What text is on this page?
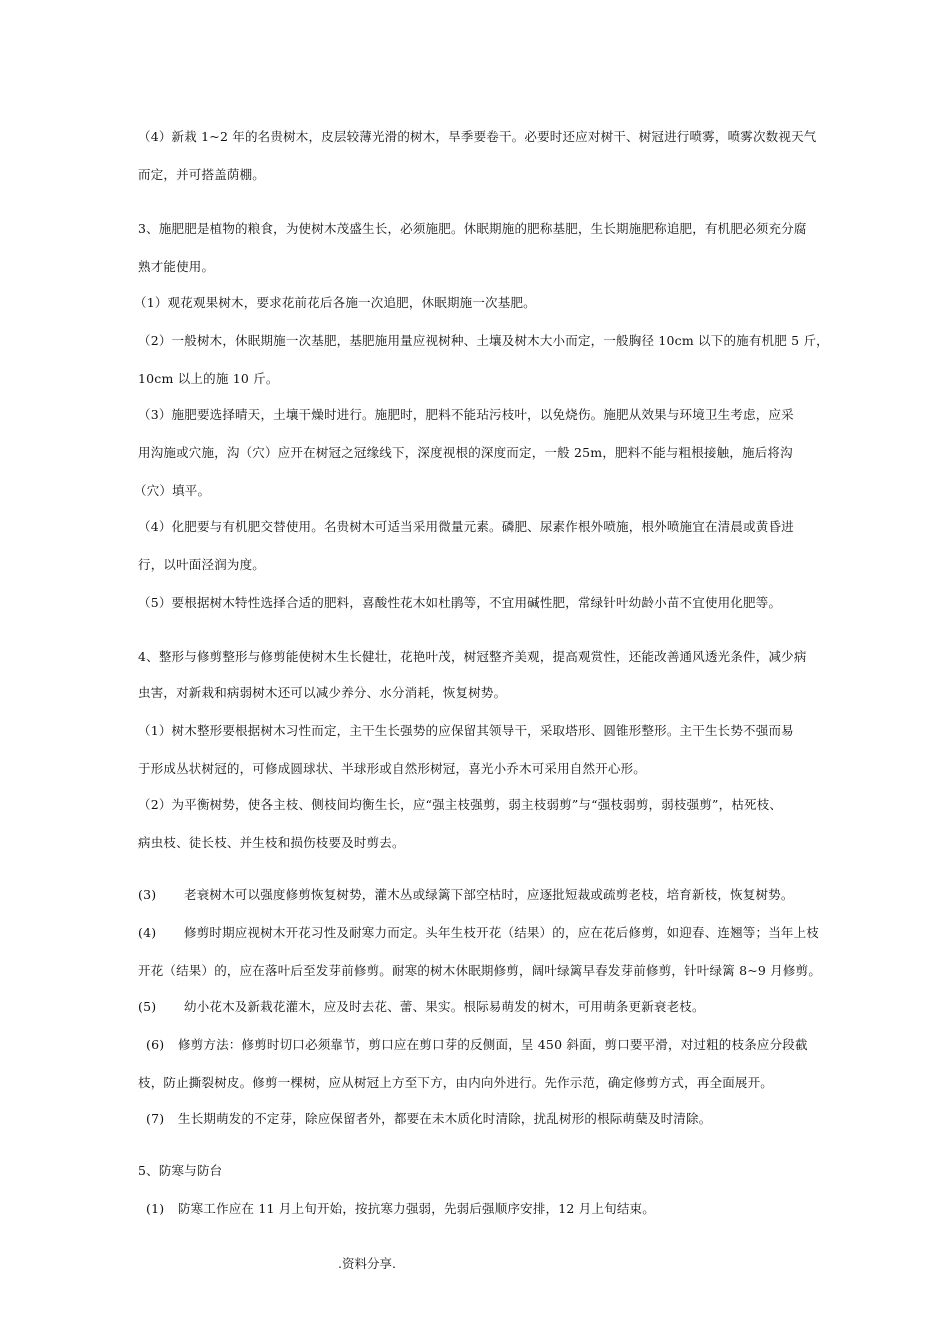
（4）新栽 1~2 年的名贵树木，皮层较薄光滑的树木，旱季要卷干。必要时还应对树干、树冠进行喷雾，喷雾次数视天气
而定，并可搭盖荫棚。
3、施肥肥是植物的粮食，为使树木茂盛生长，必须施肥。休眠期施的肥称基肥，生长期施肥称追肥，有机肥必须充分腐
熟才能使用。
（1）观花观果树木，要求花前花后各施一次追肥，休眠期施一次基肥。
（2）一般树木，休眠期施一次基肥，基肥施用量应视树种、土壤及树木大小而定，一般胸径 10cm 以下的施有机肥 5 斤，
10cm 以上的施 10 斤。
（3）施肥要选择晴天，土壤干燥时进行。施肥时，肥料不能玷污枝叶，以免烧伤。施肥从效果与环境卫生考虑，应采
用沟施或穴施，沟（穴）应开在树冠之冠缘线下，深度视根的深度而定，一般 25m，肥料不能与粗根接触，施后将沟
（穴）填平。
（4）化肥要与有机肥交替使用。名贵树木可适当采用微量元素。磷肥、尿素作根外喷施，根外喷施宜在清晨或黄昏进
行，以叶面泾润为度。
（5）要根据树木特性选择合适的肥料，喜酸性花木如杜鹃等，不宜用碱性肥，常绿针叶幼龄小苗不宜使用化肥等。
4、整形与修剪整形与修剪能使树木生长健壮，花艳叶茂，树冠整齐美观，提高观赏性，还能改善通风透光条件，减少病
虫害，对新栽和病弱树木还可以减少养分、水分消耗，恢复树势。
（1）树木整形要根据树木习性而定，主干生长强势的应保留其领导干，采取塔形、圆锥形整形。主干生长势不强而易
于形成丛状树冠的，可修成圆球状、半球形或自然形树冠，喜光小乔木可采用自然开心形。
（2）为平衡树势，使各主枝、侧枝间均衡生长，应“强主枝强剪，弱主枝弱剪”与“强枝弱剪，弱枝强剪”，枯死枝、
病虫枝、徒长枝、并生枝和损伤枝要及时剪去。
(3) 老衰树木可以强度修剪恢复树势，灌木丛或绿篱下部空枯时，应逐批短裁或疏剪老枝，培育新枝，恢复树势。
(4) 修剪时期应视树木开花习性及耐寒力而定。头年生枝开花（结果）的，应在花后修剪，如迎春、连翘等；当年上枝
开花（结果）的，应在落叶后至发芽前修剪。耐寒的树木休眠期修剪，阔叶绿篱早春发芽前修剪，针叶绿篱 8~9 月修剪。
(5) 幼小花木及新栽花灌木，应及时去花、蕾、果实。根际易萌发的树木，可用萌条更新衰老枝。
(6) 修剪方法：修剪时切口必须靠节，剪口应在剪口芽的反侧面，呈 450 斜面，剪口要平滑，对过粗的枝条应分段截
枝，防止撕裂树皮。修剪一棵树，应从树冠上方至下方，由内向外进行。先作示范，确定修剪方式，再全面展开。
(7) 生长期萌发的不定芽，除应保留者外，都要在未木质化时清除，扰乱树形的根际萌蘖及时清除。
5、防寒与防台
(1) 防寒工作应在 11 月上旬开始，按抗寒力强弱，先弱后强顺序安排，12 月上旬结束。
.资料分享.
